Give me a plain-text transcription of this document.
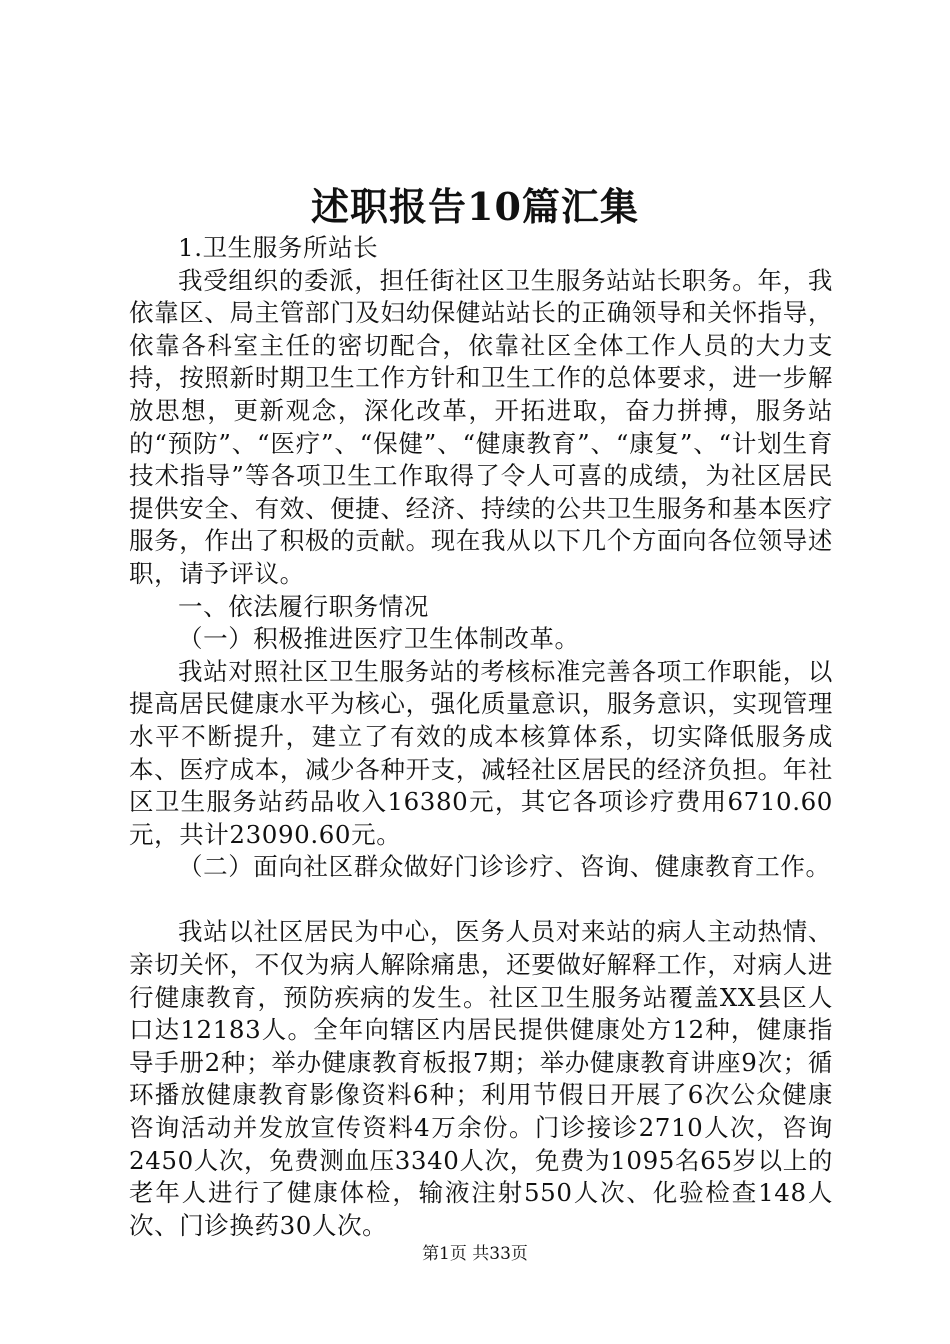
述职报告10篇汇集

1.卫生服务所站长

我受组织的委派，担任街社区卫生服务站站长职务。年，我依靠区、局主管部门及妇幼保健站站长的正确领导和关怀指导，依靠各科室主任的密切配合，依靠社区全体工作人员的大力支持，按照新时期卫生工作方针和卫生工作的总体要求，进一步解放思想，更新观念，深化改革，开拓进取，奋力拼搏，服务站的“预防”、“医疗”、“保健”、“健康教育”、“康复”、“计划生育技术指导”等各项卫生工作取得了令人可喜的成绩，为社区居民提供安全、有效、便捷、经济、持续的公共卫生服务和基本医疗服务，作出了积极的贡献。现在我从以下几个方面向各位领导述职，请予评议。

一、依法履行职务情况

（一）积极推进医疗卫生体制改革。

我站对照社区卫生服务站的考核标准完善各项工作职能，以提高居民健康水平为核心，强化质量意识，服务意识，实现管理水平不断提升，建立了有效的成本核算体系，切实降低服务成本、医疗成本，减少各种开支，减轻社区居民的经济负担。年社区卫生服务站药品收入16380元，其它各项诊疗费用6710.60元，共计23090.60元。

（二）面向社区群众做好门诊诊疗、咨询、健康教育工作。

我站以社区居民为中心，医务人员对来站的病人主动热情、亲切关怀，不仅为病人解除痛患，还要做好解释工作，对病人进行健康教育，预防疾病的发生。社区卫生服务站覆盖XX县区人口达12183人。全年向辖区内居民提供健康处方12种，健康指导手册2种；举办健康教育板报7期；举办健康教育讲座9次；循环播放健康教育影像资料6种；利用节假日开展了6次公众健康咨询活动并发放宣传资料4万余份。门诊接诊2710人次，咨询2450人次，免费测血压3340人次，免费为1095名65岁以上的老年人进行了健康体检，输液注射550人次、化验检查148人次、门诊换药30人次。

第1页 共33页
